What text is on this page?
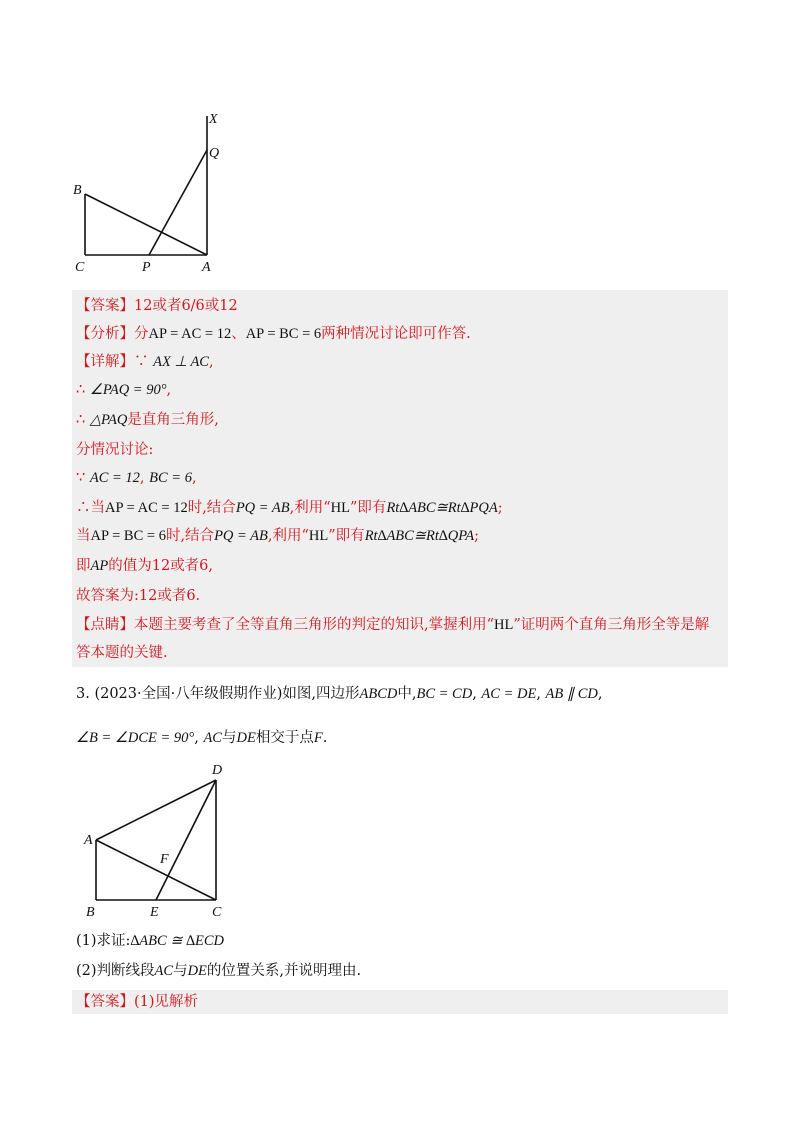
X
Q
B
C	P	A
【答案】12或者6/6或12
【分析】分AP = AC = 12、AP = BC = 6两种情况讨论即可作答.
【详解】∵ AX ⊥ AC,
∴ ∠PAQ = 90°,
∴ △PAQ是直角三角形,
分情况讨论:
∵ AC = 12, BC = 6,
∴当AP = AC = 12时,结合PQ = AB,利用“HL”即有Rt∆ABC≅Rt∆PQA;
当AP = BC = 6时,结合PQ = AB,利用“HL”即有Rt∆ABC≅Rt∆QPA;
即AP的值为12或者6,
故答案为:12或者6.
【点睛】本题主要考查了全等直角三角形的判定的知识,掌握利用“HL”证明两个直角三角形全等是解
答本题的关键.
3. (2023·全国·八年级假期作业)如图,四边形ABCD中,BC = CD, AC = DE, AB ∥ CD,
∠B = ∠DCE = 90°, AC与DE相交于点F.
D
A
F
B	E	C
(1)求证:∆ABC ≅ ∆ECD
(2)判断线段AC与DE的位置关系,并说明理由.
【答案】(1)见解析
